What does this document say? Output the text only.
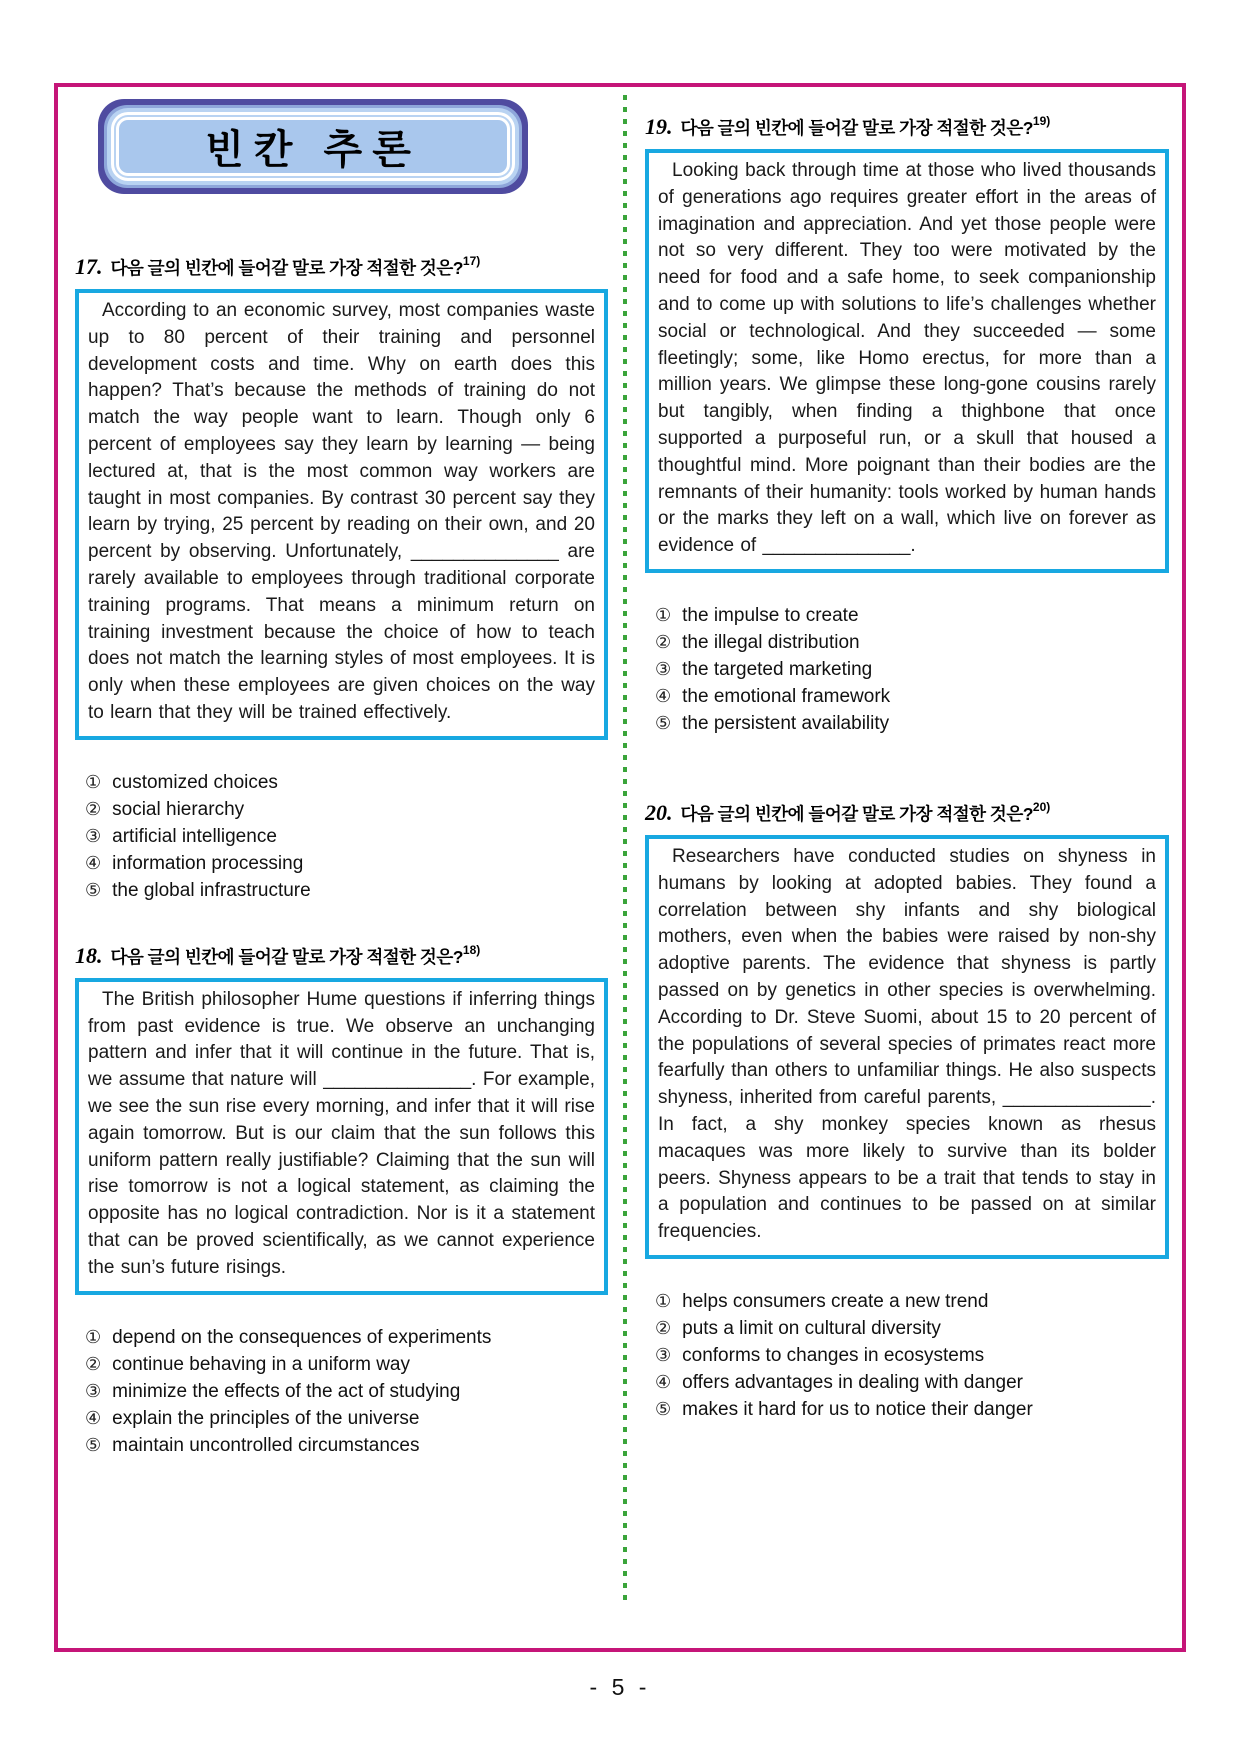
빈칸 추론
17. 다음 글의 빈칸에 들어갈 말로 가장 적절한 것은?$^{17)}$

According to an economic survey, most companies waste up to 80 percent of their training and personnel development costs and time. Why on earth does this happen? That’s because the methods of training do not match the way people want to learn. Though only 6 percent of employees say they learn by learning — being lectured at, that is the most common way workers are taught in most companies. By contrast 30 percent say they learn by trying, 25 percent by reading on their own, and 20 percent by observing. Unfortunately, ______________ are rarely available to employees through traditional corporate training programs. That means a minimum return on training investment because the choice of how to teach does not match the learning styles of most employees. It is only when these employees are given choices on the way to learn that they will be trained effectively.

① customized choices
② social hierarchy
③ artificial intelligence
④ information processing
⑤ the global infrastructure
18. 다음 글의 빈칸에 들어갈 말로 가장 적절한 것은?$^{18)}$

The British philosopher Hume questions if inferring things from past evidence is true. We observe an unchanging pattern and infer that it will continue in the future. That is, we assume that nature will ______________. For example, we see the sun rise every morning, and infer that it will rise again tomorrow. But is our claim that the sun follows this uniform pattern really justifiable? Claiming that the sun will rise tomorrow is not a logical statement, as claiming the opposite has no logical contradiction. Nor is it a statement that can be proved scientifically, as we cannot experience the sun’s future risings.

① depend on the consequences of experiments
② continue behaving in a uniform way
③ minimize the effects of the act of studying
④ explain the principles of the universe
⑤ maintain uncontrolled circumstances
19. 다음 글의 빈칸에 들어갈 말로 가장 적절한 것은?$^{19)}$

Looking back through time at those who lived thousands of generations ago requires greater effort in the areas of imagination and appreciation. And yet those people were not so very different. They too were motivated by the need for food and a safe home, to seek companionship and to come up with solutions to life’s challenges whether social or technological. And they succeeded — some fleetingly; some, like Homo erectus, for more than a million years. We glimpse these long-gone cousins rarely but tangibly, when finding a thighbone that once supported a purposeful run, or a skull that housed a thoughtful mind. More poignant than their bodies are the remnants of their humanity: tools worked by human hands or the marks they left on a wall, which live on forever as evidence of ______________.

① the impulse to create
② the illegal distribution
③ the targeted marketing
④ the emotional framework
⑤ the persistent availability
20. 다음 글의 빈칸에 들어갈 말로 가장 적절한 것은?$^{20)}$

Researchers have conducted studies on shyness in humans by looking at adopted babies. They found a correlation between shy infants and shy biological mothers, even when the babies were raised by non-shy adoptive parents. The evidence that shyness is partly passed on by genetics in other species is overwhelming. According to Dr. Steve Suomi, about 15 to 20 percent of the populations of several species of primates react more fearfully than others to unfamiliar things. He also suspects shyness, inherited from careful parents, ______________. In fact, a shy monkey species known as rhesus macaques was more likely to survive than its bolder peers. Shyness appears to be a trait that tends to stay in a population and continues to be passed on at similar frequencies.

① helps consumers create a new trend
② puts a limit on cultural diversity
③ conforms to changes in ecosystems
④ offers advantages in dealing with danger
⑤ makes it hard for us to notice their danger
- 5 -
